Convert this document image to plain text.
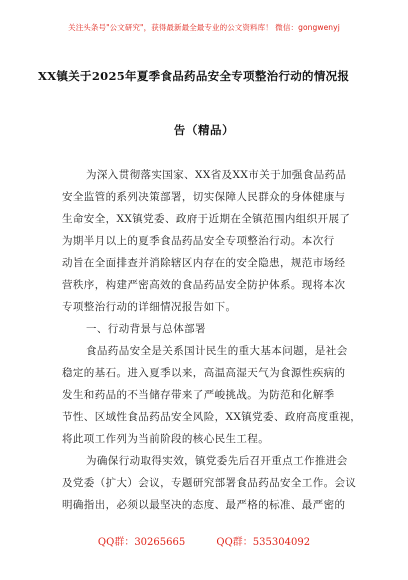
关注头条号"公文研究"，获得最新最全最专业的公文资料库！ 微信：gongwenyj
XX镇关于2025年夏季食品药品安全专项整治行动的情况报
告（精品）
为深入贯彻落实国家、XX省及XX市关于加强食品药品
安全监管的系列决策部署，切实保障人民群众的身体健康与
生命安全，XX镇党委、政府于近期在全镇范围内组织开展了
为期半月以上的夏季食品药品安全专项整治行动。本次行
动旨在全面排查并消除辖区内存在的安全隐患，规范市场经
营秩序，构建严密高效的食品药品安全防护体系。现将本次
专项整治行动的详细情况报告如下。
一、行动背景与总体部署
食品药品安全是关系国计民生的重大基本问题，是社会
稳定的基石。进入夏季以来，高温高湿天气为食源性疾病的
发生和药品的不当储存带来了严峻挑战。为防范和化解季
节性、区域性食品药品安全风险，XX镇党委、政府高度重视，
将此项工作列为当前阶段的核心民生工程。
为确保行动取得实效，镇党委先后召开重点工作推进会
及党委（扩大）会议，专题研究部署食品药品安全工作。会议
明确指出，必须以最坚决的态度、最严格的标准、最严密的
QQ群：30265665	QQ群：535304092
